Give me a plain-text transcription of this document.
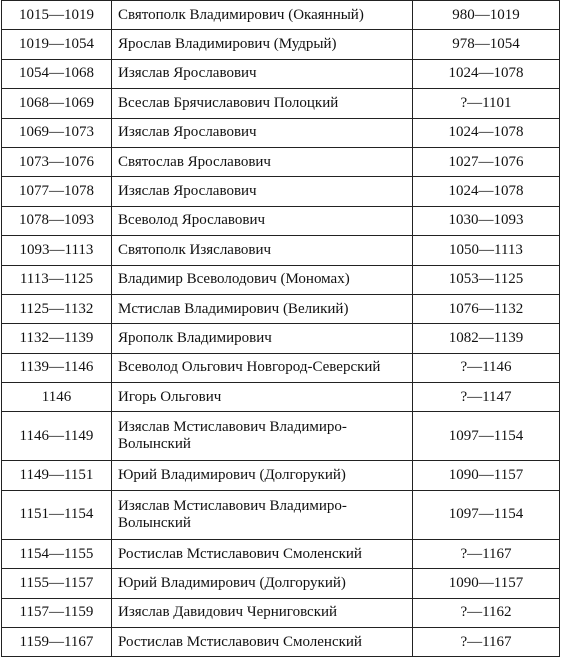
1015—1019	Святополк Владимирович (Окаянный)	980—1019
1019—1054	Ярослав Владимирович (Мудрый)	978—1054
1054—1068	Изяслав Ярославович	1024—1078
1068—1069	Всеслав Брячиславович Полоцкий	?—1101
1069—1073	Изяслав Ярославович	1024—1078
1073—1076	Святослав Ярославович	1027—1076
1077—1078	Изяслав Ярославович	1024—1078
1078—1093	Всеволод Ярославович	1030—1093
1093—1113	Святополк Изяславович	1050—1113
1113—1125	Владимир Всеволодович (Мономах)	1053—1125
1125—1132	Мстислав Владимирович (Великий)	1076—1132
1132—1139	Ярополк Владимирович	1082—1139
1139—1146	Всеволод Ольгович Новгород-Северский	?—1146
1146	Игорь Ольгович	?—1147
1146—1149	Изяслав Мстиславович Владимиро-Волынский	1097—1154
1149—1151	Юрий Владимирович (Долгорукий)	1090—1157
1151—1154	Изяслав Мстиславович Владимиро-Волынский	1097—1154
1154—1155	Ростислав Мстиславович Смоленский	?—1167
1155—1157	Юрий Владимирович (Долгорукий)	1090—1157
1157—1159	Изяслав Давидович Черниговский	?—1162
1159—1167	Ростислав Мстиславович Смоленский	?—1167
